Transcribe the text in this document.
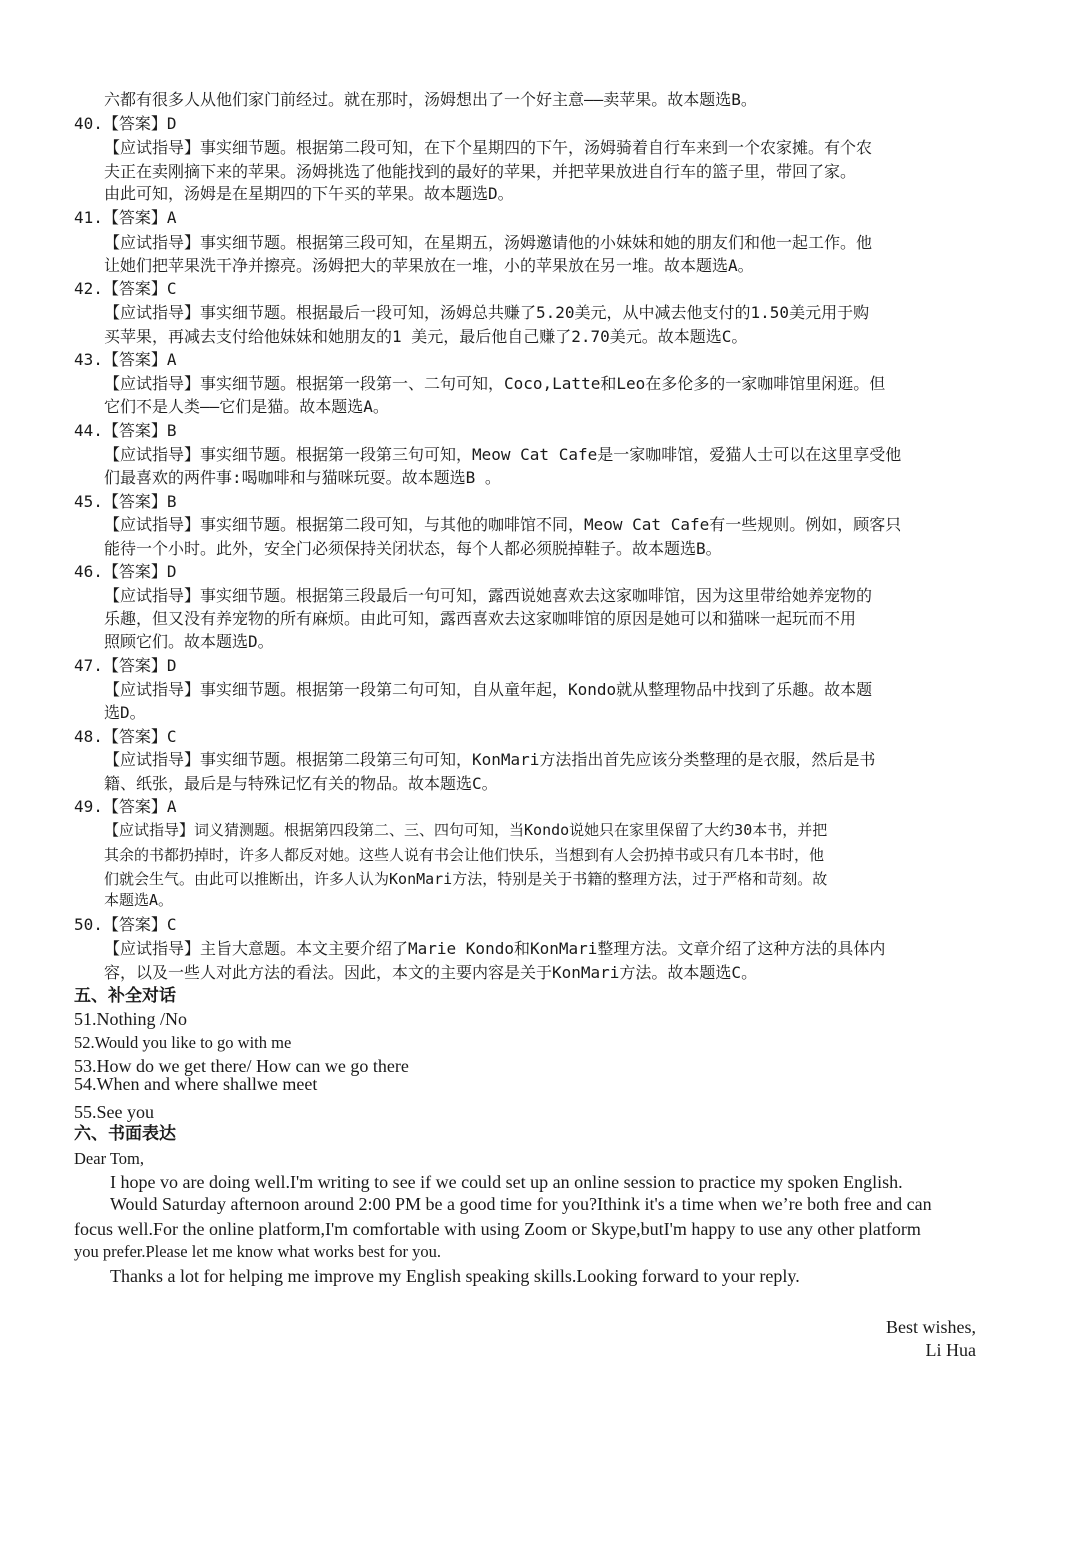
六都有很多人从他们家门前经过。就在那时，汤姆想出了一个好主意——卖苹果。故本题选B。
40.【答案】D
【应试指导】事实细节题。根据第二段可知，在下个星期四的下午，汤姆骑着自行车来到一个农家摊。有个农
夫正在卖刚摘下来的苹果。汤姆挑选了他能找到的最好的苹果，并把苹果放进自行车的篮子里，带回了家。
由此可知，汤姆是在星期四的下午买的苹果。故本题选D。
41.【答案】A
【应试指导】事实细节题。根据第三段可知，在星期五，汤姆邀请他的小妹妹和她的朋友们和他一起工作。他
让她们把苹果洗干净并擦亮。汤姆把大的苹果放在一堆，小的苹果放在另一堆。故本题选A。
42.【答案】C
【应试指导】事实细节题。根据最后一段可知，汤姆总共赚了5.20美元，从中减去他支付的1.50美元用于购
买苹果，再减去支付给他妹妹和她朋友的1 美元，最后他自己赚了2.70美元。故本题选C。
43.【答案】A
【应试指导】事实细节题。根据第一段第一、二句可知，Coco,Latte和Leo在多伦多的一家咖啡馆里闲逛。但
它们不是人类——它们是猫。故本题选A。
44.【答案】B
【应试指导】事实细节题。根据第一段第三句可知，Meow Cat Cafe是一家咖啡馆，爱猫人士可以在这里享受他
们最喜欢的两件事:喝咖啡和与猫咪玩耍。故本题选B 。
45.【答案】B
【应试指导】事实细节题。根据第二段可知，与其他的咖啡馆不同，Meow Cat Cafe有一些规则。例如，顾客只
能待一个小时。此外，安全门必须保持关闭状态，每个人都必须脱掉鞋子。故本题选B。
46.【答案】D
【应试指导】事实细节题。根据第三段最后一句可知，露西说她喜欢去这家咖啡馆，因为这里带给她养宠物的
乐趣，但又没有养宠物的所有麻烦。由此可知，露西喜欢去这家咖啡馆的原因是她可以和猫咪一起玩而不用
照顾它们。故本题选D。
47.【答案】D
【应试指导】事实细节题。根据第一段第二句可知，自从童年起，Kondo就从整理物品中找到了乐趣。故本题
选D。
48.【答案】C
【应试指导】事实细节题。根据第二段第三句可知，KonMari方法指出首先应该分类整理的是衣服，然后是书
籍、纸张，最后是与特殊记忆有关的物品。故本题选C。
49.【答案】A
【应试指导】词义猜测题。根据第四段第二、三、四句可知，当Kondo说她只在家里保留了大约30本书，并把
其余的书都扔掉时，许多人都反对她。这些人说有书会让他们快乐，当想到有人会扔掉书或只有几本书时，他
们就会生气。由此可以推断出，许多人认为KonMari方法，特别是关于书籍的整理方法，过于严格和苛刻。故
本题选A。
50.【答案】C
【应试指导】主旨大意题。本文主要介绍了Marie Kondo和KonMari整理方法。文章介绍了这种方法的具体内
容，以及一些人对此方法的看法。因此，本文的主要内容是关于KonMari方法。故本题选C。
五、补全对话
51.Nothing /No
52.Would you like to go with me
53.How do we get there/ How can we go there
54.When and where shallwe meet
55.See you
六、书面表达
Dear Tom,
I hope vo are doing well.I'm writing to see if we could set up an online session to practice my spoken English.
Would Saturday afternoon around 2:00 PM be a good time for you?Ithink it's a time when we’re both free and can
focus well.For the online platform,I'm comfortable with using Zoom or Skype,butI'm happy to use any other platform
you prefer.Please let me know what works best for you.
Thanks a lot for helping me improve my English speaking skills.Looking forward to your reply.
Best wishes,
Li Hua
